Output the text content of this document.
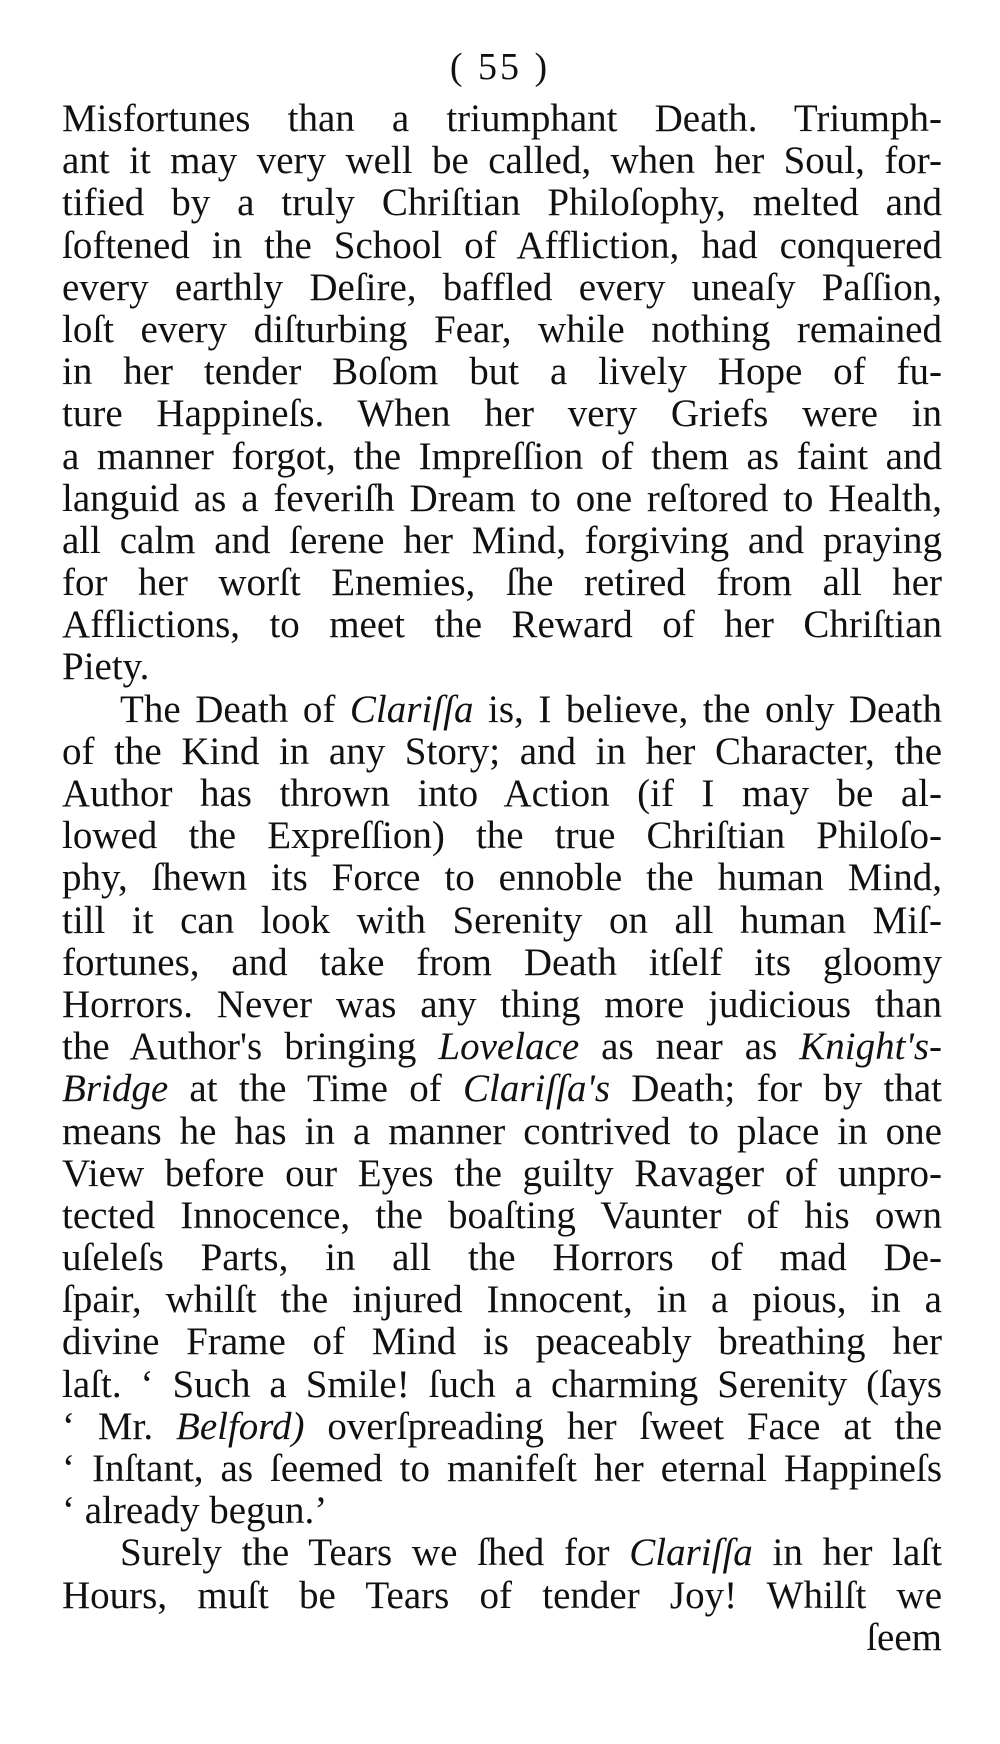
( 55 )
Misfortunes than a triumphant Death. Triumph-
ant it may very well be called, when her Soul, for-
tified by a truly Chriſtian Philoſophy, melted and
ſoftened in the School of Affliction, had conquered
every earthly Deſire, baffled every uneaſy Paſſion,
loſt every diſturbing Fear, while nothing remained
in her tender Boſom but a lively Hope of fu-
ture Happineſs. When her very Griefs were in
a manner forgot, the Impreſſion of them as faint and
languid as a feveriſh Dream to one reſtored to Health,
all calm and ſerene her Mind, forgiving and praying
for her worſt Enemies, ſhe retired from all her
Afflictions, to meet the Reward of her Chriſtian
Piety.
The Death of Clariſſa is, I believe, the only Death
of the Kind in any Story; and in her Character, the
Author has thrown into Action (if I may be al-
lowed the Expreſſion) the true Chriſtian Philoſo-
phy, ſhewn its Force to ennoble the human Mind,
till it can look with Serenity on all human Miſ-
fortunes, and take from Death itſelf its gloomy
Horrors. Never was any thing more judicious than
the Author's bringing Lovelace as near as Knight's-
Bridge at the Time of Clariſſa's Death; for by that
means he has in a manner contrived to place in one
View before our Eyes the guilty Ravager of unpro-
tected Innocence, the boaſting Vaunter of his own
uſeleſs Parts, in all the Horrors of mad De-
ſpair, whilſt the injured Innocent, in a pious, in a
divine Frame of Mind is peaceably breathing her
laſt. ‘ Such a Smile! ſuch a charming Serenity (ſays
‘ Mr. Belford) overſpreading her ſweet Face at the
‘ Inſtant, as ſeemed to manifeſt her eternal Happineſs
‘ already begun.’
Surely the Tears we ſhed for Clariſſa in her laſt
Hours, muſt be Tears of tender Joy! Whilſt we
ſeem
